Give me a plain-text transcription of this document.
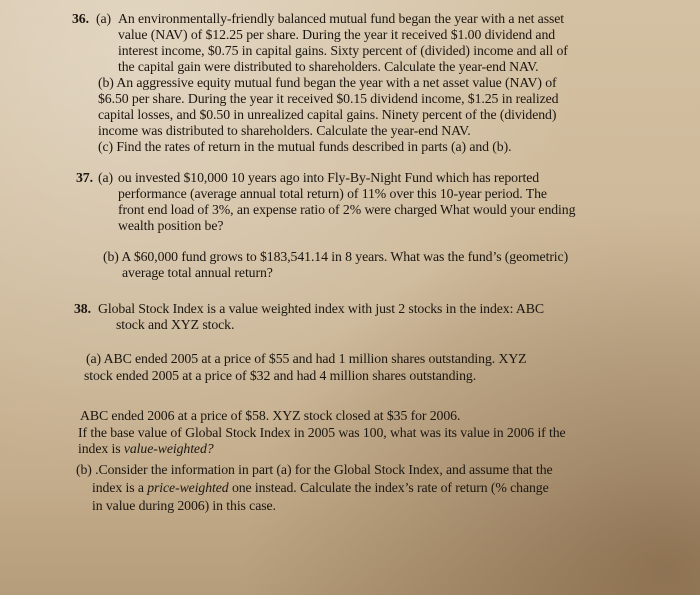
36. (a) An environmentally-friendly balanced mutual fund began the year with a net asset
value (NAV) of $12.25 per share. During the year it received $1.00 dividend and
interest income, $0.75 in capital gains. Sixty percent of (divided) income and all of
the capital gain were distributed to shareholders. Calculate the year-end NAV.
(b) An aggressive equity mutual fund began the year with a net asset value (NAV) of
$6.50 per share. During the year it received $0.15 dividend income, $1.25 in realized
capital losses, and $0.50 in unrealized capital gains. Ninety percent of the (dividend)
income was distributed to shareholders. Calculate the year-end NAV.
(c) Find the rates of return in the mutual funds described in parts (a) and (b).
37. (a) ou invested $10,000 10 years ago into Fly-By-Night Fund which has reported
performance (average annual total return) of 11% over this 10-year period. The
front end load of 3%, an expense ratio of 2% were charged What would your ending
wealth position be?
(b) A $60,000 fund grows to $183,541.14 in 8 years. What was the fund’s (geometric)
average total annual return?
38. Global Stock Index is a value weighted index with just 2 stocks in the index: ABC
stock and XYZ stock.
(a) ABC ended 2005 at a price of $55 and had 1 million shares outstanding. XYZ
stock ended 2005 at a price of $32 and had 4 million shares outstanding.
ABC ended 2006 at a price of $58. XYZ stock closed at $35 for 2006.
If the base value of Global Stock Index in 2005 was 100, what was its value in 2006 if the
index is value-weighted?
(b) .Consider the information in part (a) for the Global Stock Index, and assume that the
index is a price-weighted one instead. Calculate the index’s rate of return (% change
in value during 2006) in this case.
